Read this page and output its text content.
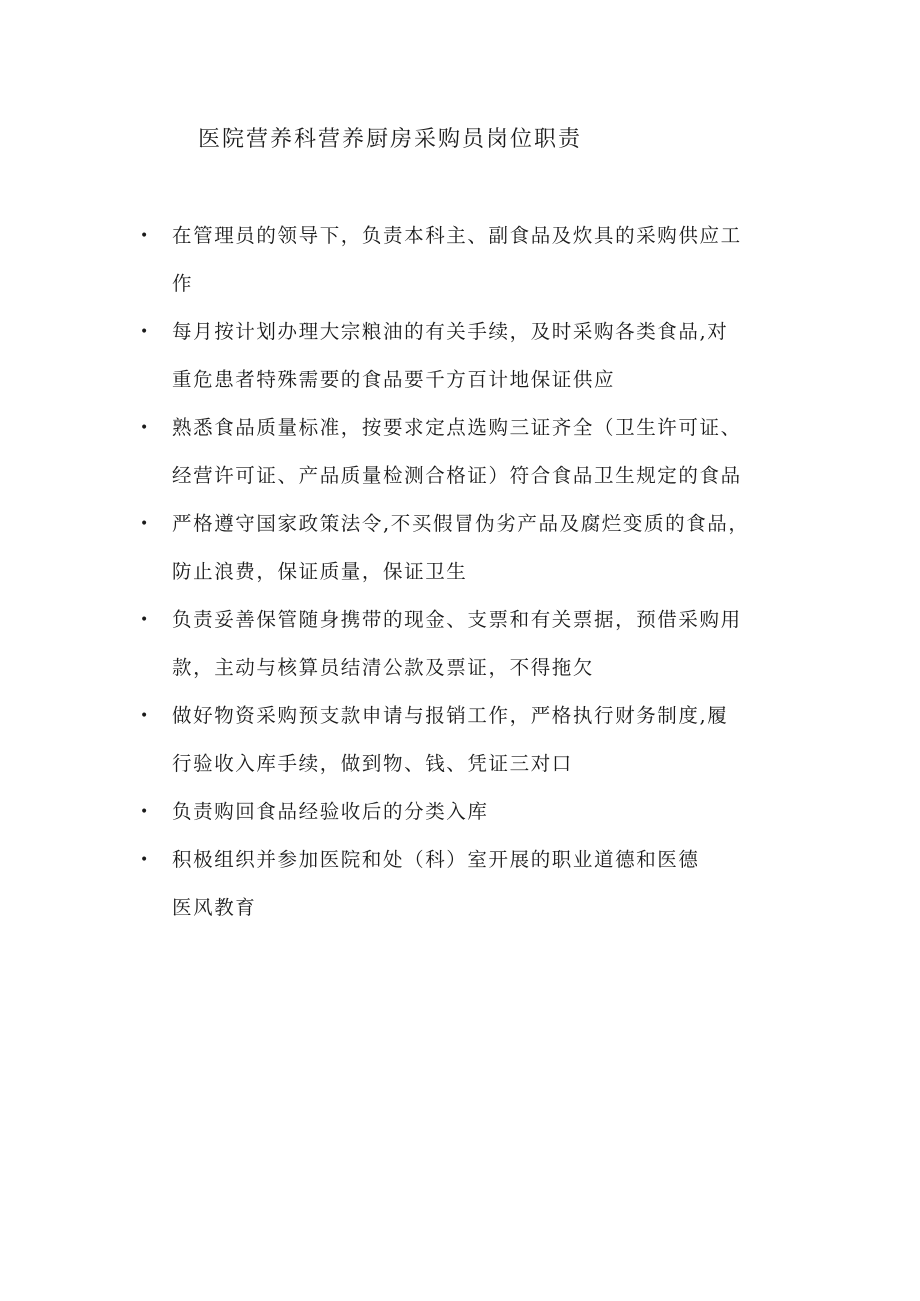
医院营养科营养厨房采购员岗位职责
•	在管理员的领导下，负责本科主、副食品及炊具的采购供应工
作
•	每月按计划办理大宗粮油的有关手续，及时采购各类食品,对
重危患者特殊需要的食品要千方百计地保证供应
•	熟悉食品质量标准，按要求定点选购三证齐全（卫生许可证、
经营许可证、产品质量检测合格证）符合食品卫生规定的食品
•	严格遵守国家政策法令,不买假冒伪劣产品及腐烂变质的食品，
防止浪费，保证质量，保证卫生
•	负责妥善保管随身携带的现金、支票和有关票据，预借采购用
款，主动与核算员结清公款及票证，不得拖欠
•	做好物资采购预支款申请与报销工作，严格执行财务制度,履
行验收入库手续，做到物、钱、凭证三对口
•	负责购回食品经验收后的分类入库
•	积极组织并参加医院和处（科）室开展的职业道德和医德
医风教育
